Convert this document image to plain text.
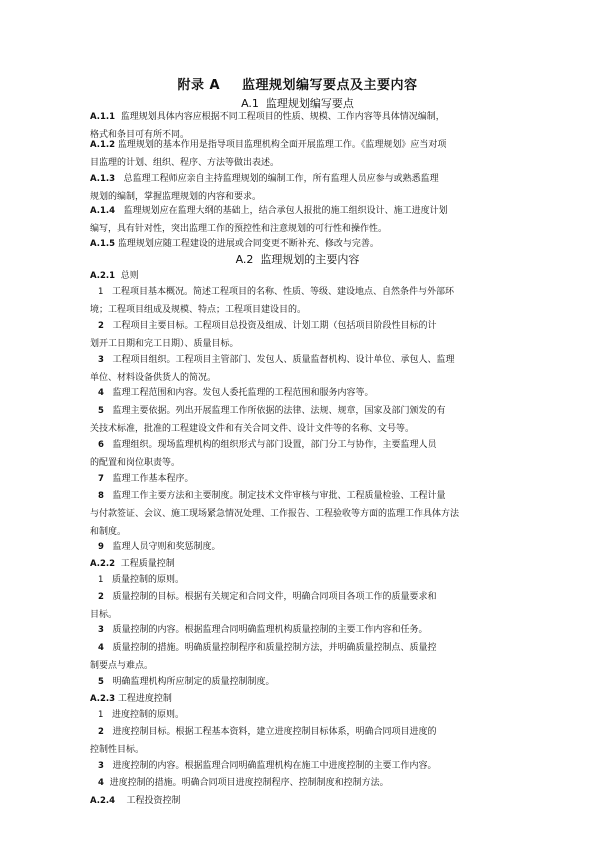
附录 A 监理规划编写要点及主要内容
A.1 监理规划编写要点
A.1.1 监理规划具体内容应根据不同工程项目的性质、规模、工作内容等具体情况编制，
格式和条目可有所不同。
A.1.2 监理规划的基本作用是指导项目监理机构全面开展监理工作。《监理规划》应当对项
目监理的计划、组织、程序、方法等做出表述。
A.1.3 总监理工程师应亲自主持监理规划的编制工作，所有监理人员应参与或熟悉监理
规划的编制，掌握监理规划的内容和要求。
A.1.4 监理规划应在监理大纲的基础上，结合承包人报批的施工组织设计、施工进度计划
编写，具有针对性，突出监理工作的预控性和注意规划的可行性和操作性。
A.1.5 监理规划应随工程建设的进展或合同变更不断补充、修改与完善。
A.2 监理规划的主要内容
A.2.1 总则
1 工程项目基本概况。简述工程项目的名称、性质、等级、建设地点、自然条件与外部环
境；工程项目组成及规模、特点；工程项目建设目的。
2 工程项目主要目标。工程项目总投资及组成、计划工期（包括项目阶段性目标的计
划开工日期和完工日期）、质量目标。
3 工程项目组织。工程项目主管部门、发包人、质量监督机构、设计单位、承包人、监理
单位、材料设备供货人的简况。
4 监理工程范围和内容。发包人委托监理的工程范围和服务内容等。
5 监理主要依据。列出开展监理工作所依据的法律、法规、规章，国家及部门颁发的有
关技术标准，批准的工程建设文件和有关合同文件、设计文件等的名称、文号等。
6 监理组织。现场监理机构的组织形式与部门设置，部门分工与协作，主要监理人员
的配置和岗位职责等。
7 监理工作基本程序。
8 监理工作主要方法和主要制度。制定技术文件审核与审批、工程质量检验、工程计量
与付款签证、会议、施工现场紧急情况处理、工作报告、工程验收等方面的监理工作具体方法
和制度。
9 监理人员守则和奖惩制度。
A.2.2 工程质量控制
1 质量控制的原则。
2 质量控制的目标。根据有关规定和合同文件，明确合同项目各项工作的质量要求和
目标。
3 质量控制的内容。根据监理合同明确监理机构质量控制的主要工作内容和任务。
4 质量控制的措施。明确质量控制程序和质量控制方法，并明确质量控制点、质量控
制要点与难点。
5 明确监理机构所应制定的质量控制制度。
A.2.3 工程进度控制
1 进度控制的原则。
2 进度控制目标。根据工程基本资料，建立进度控制目标体系，明确合同项目进度的
控制性目标。
3 进度控制的内容。根据监理合同明确监理机构在施工中进度控制的主要工作内容。
4 进度控制的措施。明确合同项目进度控制程序、控制制度和控制方法。
A.2.4 工程投资控制
